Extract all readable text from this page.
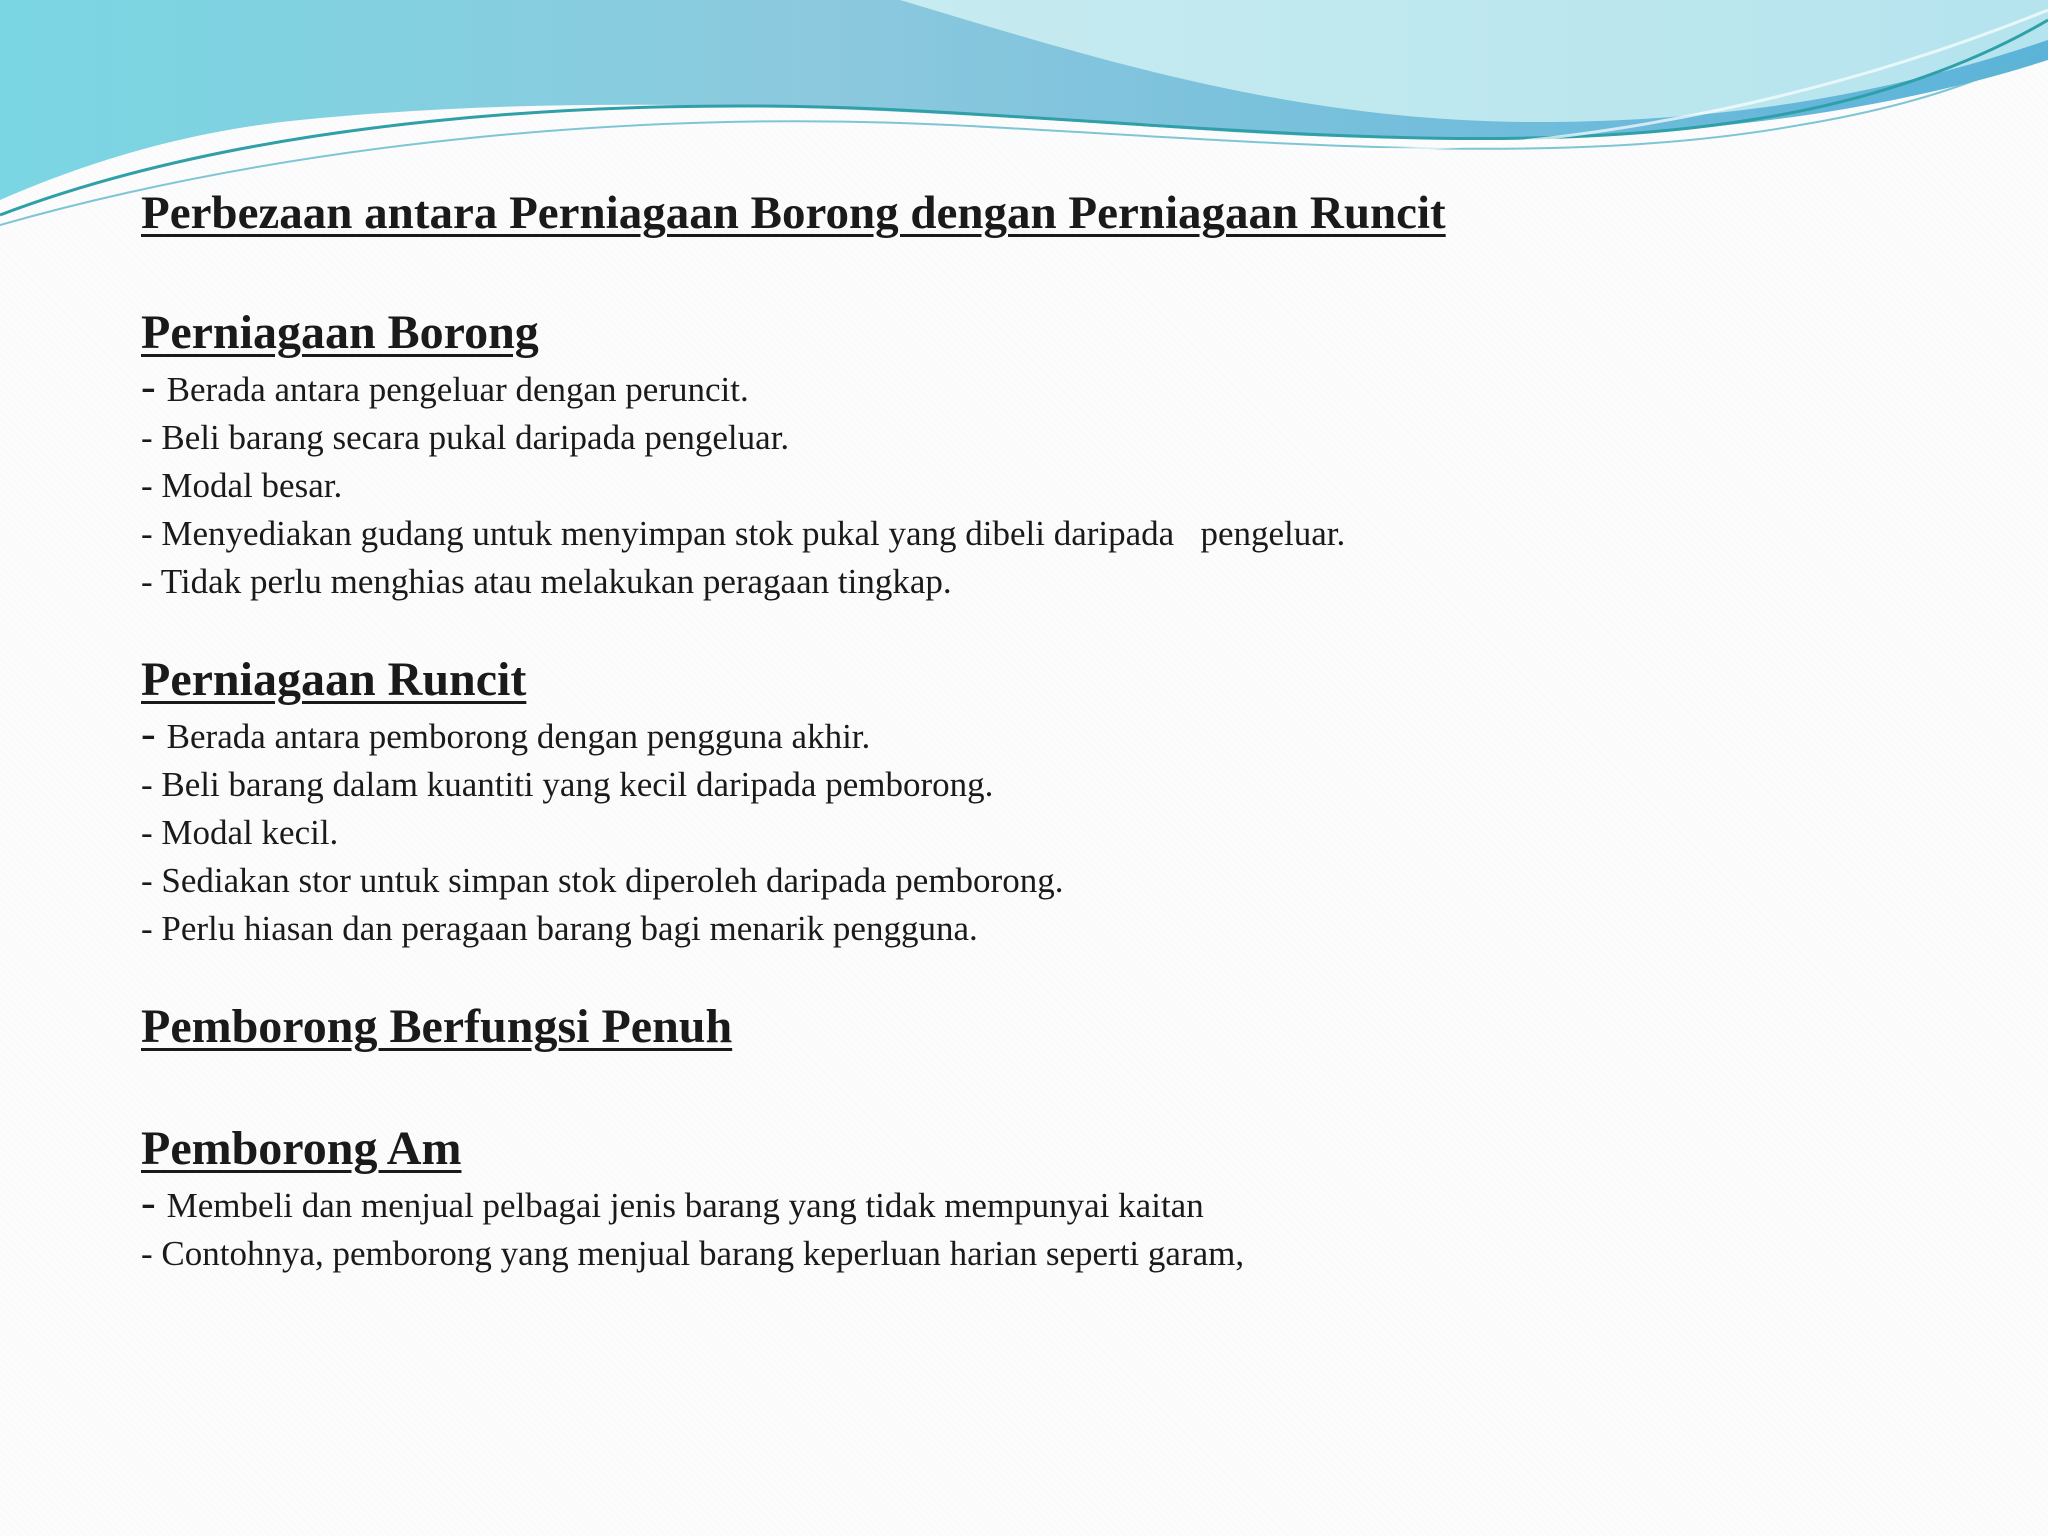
Perbezaan antara Perniagaan Borong dengan Perniagaan Runcit
Perniagaan Borong
- Berada antara pengeluar dengan peruncit.
- Beli barang secara pukal daripada pengeluar.
- Modal besar.
- Menyediakan gudang untuk menyimpan stok pukal yang dibeli daripada   pengeluar.
- Tidak perlu menghias atau melakukan peragaan tingkap.
Perniagaan Runcit
- Berada antara pemborong dengan pengguna akhir.
- Beli barang dalam kuantiti yang kecil daripada pemborong.
- Modal kecil.
- Sediakan stor untuk simpan stok diperoleh daripada pemborong.
- Perlu hiasan dan peragaan barang bagi menarik pengguna.
Pemborong Berfungsi Penuh
Pemborong Am
- Membeli dan menjual pelbagai jenis barang yang tidak mempunyai kaitan
- Contohnya, pemborong yang menjual barang keperluan harian seperti garam,
